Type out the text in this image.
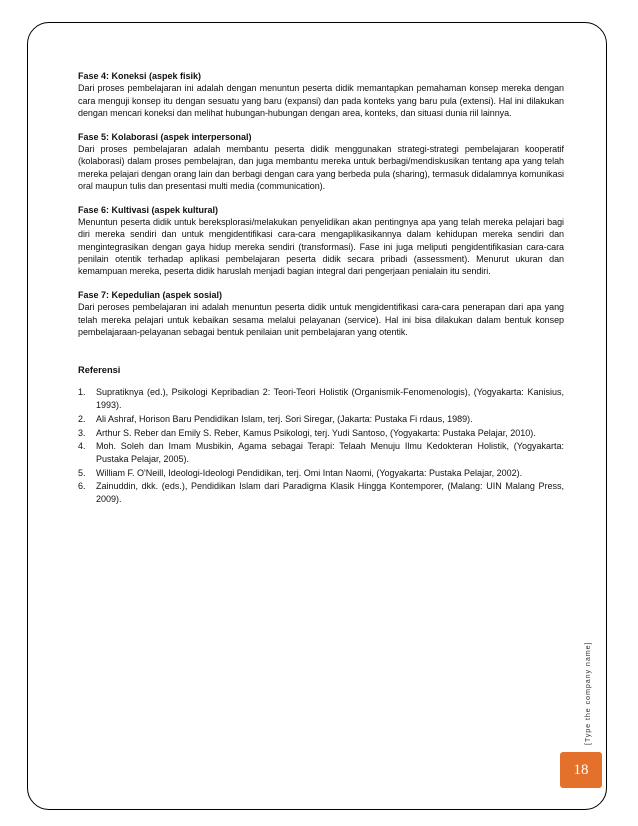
Fase 4: Koneksi (aspek fisik)

Dari proses pembelajaran ini adalah dengan menuntun peserta didik memantapkan pemahaman konsep mereka dengan cara menguji konsep itu dengan sesuatu yang baru (expansi) dan pada konteks yang baru pula (extensi). Hal ini dilakukan dengan mencari koneksi dan melihat hubungan-hubungan dengan area, konteks, dan situasi dunia riil lainnya.

Fase 5: Kolaborasi (aspek interpersonal)

Dari proses pembelajaran adalah membantu peserta didik menggunakan strategi-strategi pembelajaran kooperatif (kolaborasi) dalam proses pembelajran, dan juga membantu mereka untuk berbagi/mendiskusikan tentang apa yang telah mereka pelajari dengan orang lain dan berbagi dengan cara yang berbeda pula (sharing), termasuk didalamnya komunikasi oral maupun tulis dan presentasi multi media (communication).

Fase 6: Kultivasi (aspek kultural)

Menuntun peserta didik untuk bereksplorasi/melakukan penyelidikan akan pentingnya apa yang telah mereka pelajari bagi diri mereka sendiri dan untuk mengidentifikasi cara-cara mengaplikasikannya dalam kehidupan mereka sendiri dan mengintegrasikan dengan gaya hidup mereka sendiri (transformasi). Fase ini juga meliputi pengidentifikasian cara-cara penilain otentik terhadap aplikasi pembelajaran peserta didik secara pribadi (assessment). Menurut ukuran dan kemampuan mereka, peserta didik haruslah menjadi bagian integral dari pengerjaan penialain itu sendiri.

Fase 7: Kepedulian (aspek sosial)

Dari peroses pembelajaran ini adalah menuntun peserta didik untuk mengidentifikasi cara-cara penerapan dari apa yang telah mereka pelajari untuk kebaikan sesama melalui pelayanan (service). Hal ini bisa dilakukan dalam bentuk konsep pembelajaraan-pelayanan sebagai bentuk penilaian unit pembelajaran yang otentik.

Referensi
1. Supratiknya (ed.), Psikologi Kepribadian 2: Teori-Teori Holistik (Organismik-Fenomenologis), (Yogyakarta: Kanisius, 1993).
2. Ali Ashraf, Horison Baru Pendidikan Islam, terj. Sori Siregar, (Jakarta: Pustaka Fi rdaus, 1989).
3. Arthur S. Reber dan Emily S. Reber, Kamus Psikologi, terj. Yudi Santoso, (Yogyakarta: Pustaka Pelajar, 2010).
4. Moh. Soleh dan Imam Musbikin, Agama sebagai Terapi: Telaah Menuju Ilmu Kedokteran Holistik, (Yogyakarta: Pustaka Pelajar, 2005).
5. William F. O'Neill, Ideologi-Ideologi Pendidikan, terj. Omi Intan Naomi, (Yogyakarta: Pustaka Pelajar, 2002).
6. Zainuddin, dkk. (eds.), Pendidikan Islam dari Paradigma Klasik Hingga Kontemporer, (Malang: UIN Malang Press, 2009).
[Type the company name]
18
